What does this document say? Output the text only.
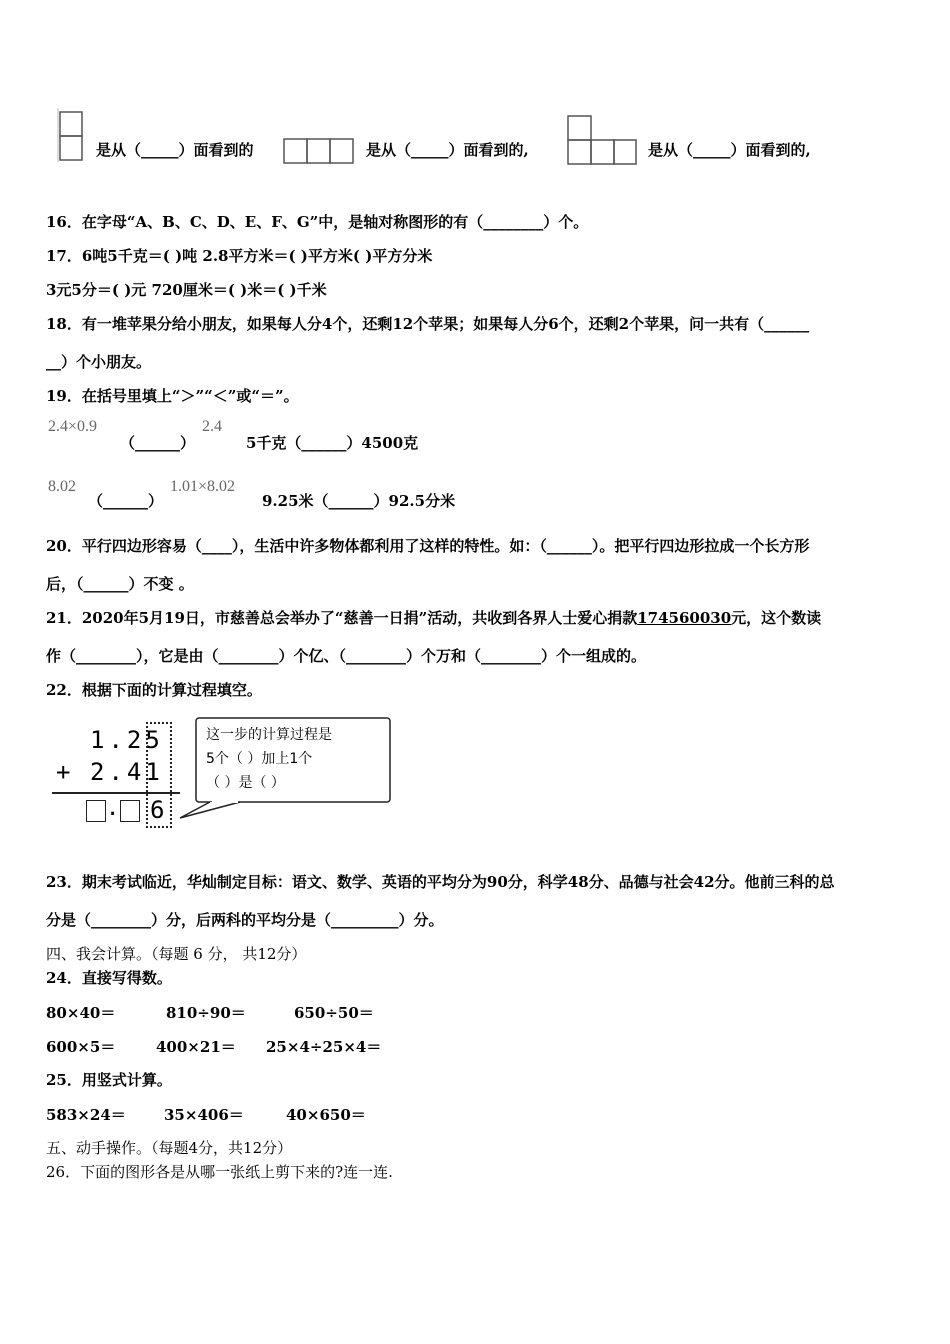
是从（_____）面看到的	是从（_____）面看到的,	是从（_____）面看到的,
16．在字母“A、B、C、D、E、F、G”中，是轴对称图形的有（________）个。
17．6吨5千克＝( )吨 2.8平方米＝( )平方米( )平方分米
3元5分＝( )元 720厘米＝( )米＝( )千米
18．有一堆苹果分给小朋友，如果每人分4个，还剩12个苹果；如果每人分6个，还剩2个苹果，问一共有（______
__）个小朋友。
19．在括号里填上“＞”“＜”或“＝”。
2.4×0.9
（______）
2.4
5千克（______）4500克
8.02
（______）
1.01×8.02
9.25米（______）92.5分米
20．平行四边形容易（____），生活中许多物体都利用了这样的特性。如：（______）。把平行四边形拉成一个长方形
后，（______）不变 。
21．2020年5月19日，市慈善总会举办了“慈善一日捐”活动，共收到各界人士爱心捐款174560030元，这个数读
作（________），它是由（________）个亿、（________）个万和（________）个一组成的。
22．根据下面的计算过程填空。
1.25
+ 2.41
. 6
这一步的计算过程是
5个（ ）加上1个
（ ）是（ ）
23．期末考试临近，华灿制定目标：语文、数学、英语的平均分为90分，科学48分、品德与社会42分。他前三科的总
分是（________）分，后两科的平均分是（_________）分。
四、我会计算。（每题 6 分， 共12分）
24．直接写得数。
80×40＝	810÷90＝	650÷50＝
600×5＝	400×21＝ 25×4÷25×4＝
25．用竖式计算。
583×24＝	35×406＝	40×650＝
五、动手操作。（每题4分，共12分）
26．下面的图形各是从哪一张纸上剪下来的?连一连.
